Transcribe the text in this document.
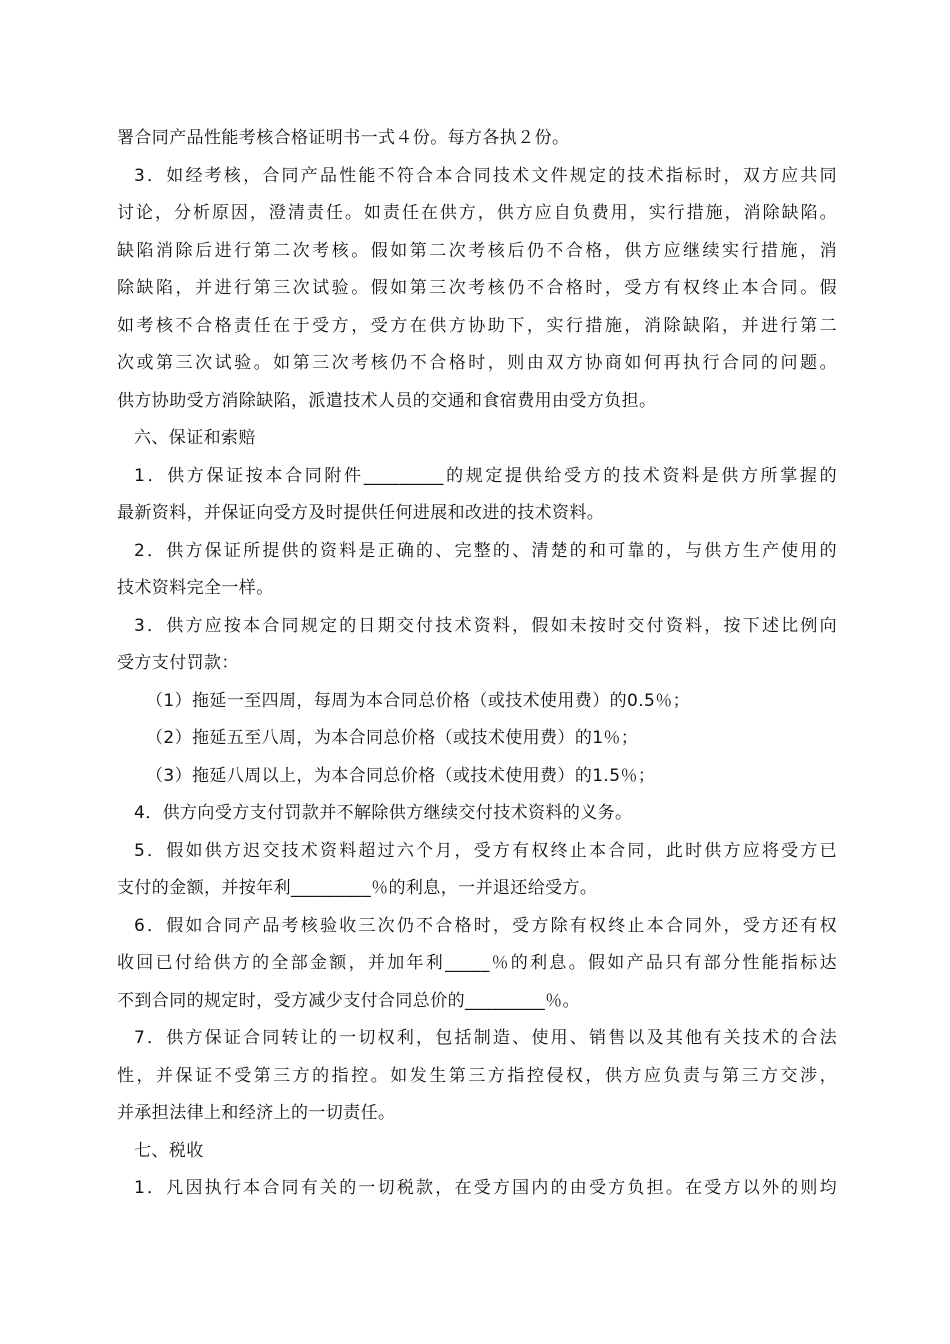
署合同产品性能考核合格证明书一式４份。每方各执２份。
3．如经考核，合同产品性能不符合本合同技术文件规定的技术指标时，双方应共同
讨论，分析原因，澄清责任。如责任在供方，供方应自负费用，实行措施，消除缺陷。
缺陷消除后进行第二次考核。假如第二次考核后仍不合格，供方应继续实行措施，消
除缺陷，并进行第三次试验。假如第三次考核仍不合格时，受方有权终止本合同。假
如考核不合格责任在于受方，受方在供方协助下，实行措施，消除缺陷，并进行第二
次或第三次试验。如第三次考核仍不合格时，则由双方协商如何再执行合同的问题。
供方协助受方消除缺陷，派遣技术人员的交通和食宿费用由受方负担。
六、保证和索赔
1．供方保证按本合同附件_________的规定提供给受方的技术资料是供方所掌握的
最新资料，并保证向受方及时提供任何进展和改进的技术资料。
2．供方保证所提供的资料是正确的、完整的、清楚的和可靠的，与供方生产使用的
技术资料完全一样。
3．供方应按本合同规定的日期交付技术资料，假如未按时交付资料，按下述比例向
受方支付罚款：
（1）拖延一至四周，每周为本合同总价格（或技术使用费）的0.5％；
（2）拖延五至八周，为本合同总价格（或技术使用费）的1％；
（3）拖延八周以上，为本合同总价格（或技术使用费）的1.5％；
4．供方向受方支付罚款并不解除供方继续交付技术资料的义务。
5．假如供方迟交技术资料超过六个月，受方有权终止本合同，此时供方应将受方已
支付的金额，并按年利_________％的利息，一并退还给受方。
6．假如合同产品考核验收三次仍不合格时，受方除有权终止本合同外，受方还有权
收回已付给供方的全部金额，并加年利_____％的利息。假如产品只有部分性能指标达
不到合同的规定时，受方减少支付合同总价的_________％。
7．供方保证合同转让的一切权利，包括制造、使用、销售以及其他有关技术的合法
性，并保证不受第三方的指控。如发生第三方指控侵权，供方应负责与第三方交涉，
并承担法律上和经济上的一切责任。
七、税收
1．凡因执行本合同有关的一切税款，在受方国内的由受方负担。在受方以外的则均
